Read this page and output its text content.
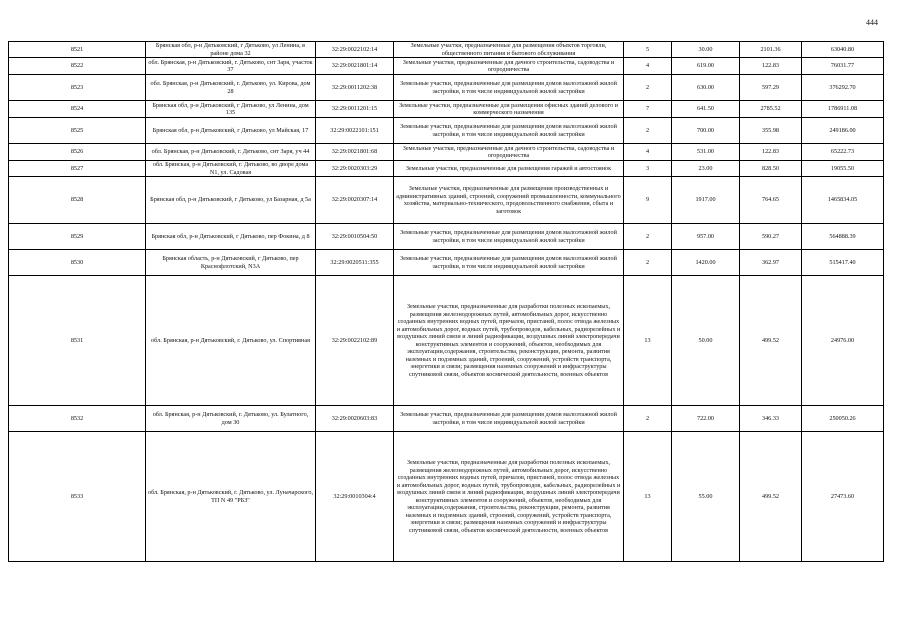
444
8521	Брянская обл, р-н Дятьковский, г Дятьково, ул Ленина, в районе дома 32	32:29:0022102:14	Земельные участки, предназначенные для размещения объектов торговли, общественного питания и бытового обслуживания	5	30.00	2101.36	63040.80
8522	обл. Брянская, р-н Дятьковский, г. Дятьково, снт Заря, участок 37	32:29:0021801:14	Земельные участки, предназначенные для дачного строительства, садоводства и огородничества	4	619.00	122.83	76031.77
8523	обл. Брянская, р-н Дятьковский, г. Дятьково, ул. Кирова, дом 28	32:29:0011202:38	Земельные участки, предназначенные для размещения домов малоэтажной жилой застройки, в том числе индивидуальной жилой застройки	2	630.00	597.29	376292.70
8524	Брянская обл, р-н Дятьковский, г Дятьково, ул Ленина, дом 135	32:29:0011201:15	Земельные участки, предназначенные для размещения офисных зданий делового и коммерческого назначения	7	641.50	2785.52	1786911.08
8525	Брянская обл, р-н Дятьковский, г Дятьково, ул Майская, 17	32:29:0022101:151	Земельные участки, предназначенные для размещения домов малоэтажной жилой застройки, в том числе индивидуальной жилой застройки	2	700.00	355.98	249186.00
8526	обл. Брянская, р-н Дятьковский, г. Дятьково, снт Заря, уч 44	32:29:0021801:68	Земельные участки, предназначенные для дачного строительства, садоводства и огородничества	4	531.00	122.83	65222.73
8527	обл. Брянская, р-н Дятьковский, г. Дятьково, во дворе дома N1, ул. Садовая	32:29:0020303:29	Земельные участки, предназначенные для размещения гаражей и автостоянок	3	23.00	828.50	19055.50
8528	Брянская обл, р-н Дятьковский, г Дятьково, ул Базарная, д 5а	32:29:0020307:14	Земельные участки, предназначенные для размещения производственных и административных зданий, строений, сооружений промышленности, коммунального хозяйства, материально-технического, продовольственного снабжения, сбыта и заготовок	9	1917.00	764.65	1465834.05
8529	Брянская обл, р-н Дятьковский, г Дятьково, пер Фокина, д 8	32:29:0010504:50	Земельные участки, предназначенные для размещения домов малоэтажной жилой застройки, в том числе индивидуальной жилой застройки	2	957.00	590.27	564888.39
8530	Брянская область, р-н Дятьковский, г Дятьково, пер Краснофлотский, N3А	32:29:0020511:355	Земельные участки, предназначенные для размещения домов малоэтажной жилой застройки, в том числе индивидуальной жилой застройки	2	1420.00	362.97	515417.40
8531	обл. Брянская, р-н Дятьковский, г. Дятьково, ул. Спортивная	32:29:0022102:89	Земельные участки, предназначенные для разработки полезных ископаемых, размещения железнодорожных путей, автомобильных дорог, искусственно созданных внутренних водных путей, причалов, пристаней, полос отвода железных и автомобильных дорог, водных путей, трубопроводов, кабельных, радиорелейных и воздушных линий связи и линий радиофикации, воздушных линий электропередачи конструктивных элементов и сооружений, объектов, необходимых для эксплуатации,содержания, строительства, реконструкции, ремонта, развития наземных и подземных зданий, строений, сооружений, устройств транспорта, энергетики и связи; размещения наземных сооружений и инфраструктуры спутниковой связи, объектов космической деятельности, военных объектов	13	50.00	499.52	24976.00
8532	обл. Брянская, р-н Дятьковский, г. Дятьково, ул. Булатного, дом 30	32:29:0020603:83	Земельные участки, предназначенные для размещения домов малоэтажной жилой застройки, в том числе индивидуальной жилой застройки	2	722.00	346.33	250050.26
8533	обл. Брянская, р-н Дятьковский, г. Дятьково, ул. Луначарского, ТП N 49 "РБЗ"	32:29:0010304:4	Земельные участки, предназначенные для разработки полезных ископаемых, размещения железнодорожных путей, автомобильных дорог, искусственно созданных внутренних водных путей, причалов, пристаней, полос отвода железных и автомобильных дорог, водных путей, трубопроводов, кабельных, радиорелейных и воздушных линий связи и линий радиофикации, воздушных линий электропередачи конструктивных элементов и сооружений, объектов, необходимых для эксплуатации,содержания, строительства, реконструкции, ремонта, развития наземных и подземных зданий, строений, сооружений, устройств транспорта, энергетики и связи; размещения наземных сооружений и инфраструктуры спутниковой связи, объектов космической деятельности, военных объектов	13	55.00	499.52	27473.60
